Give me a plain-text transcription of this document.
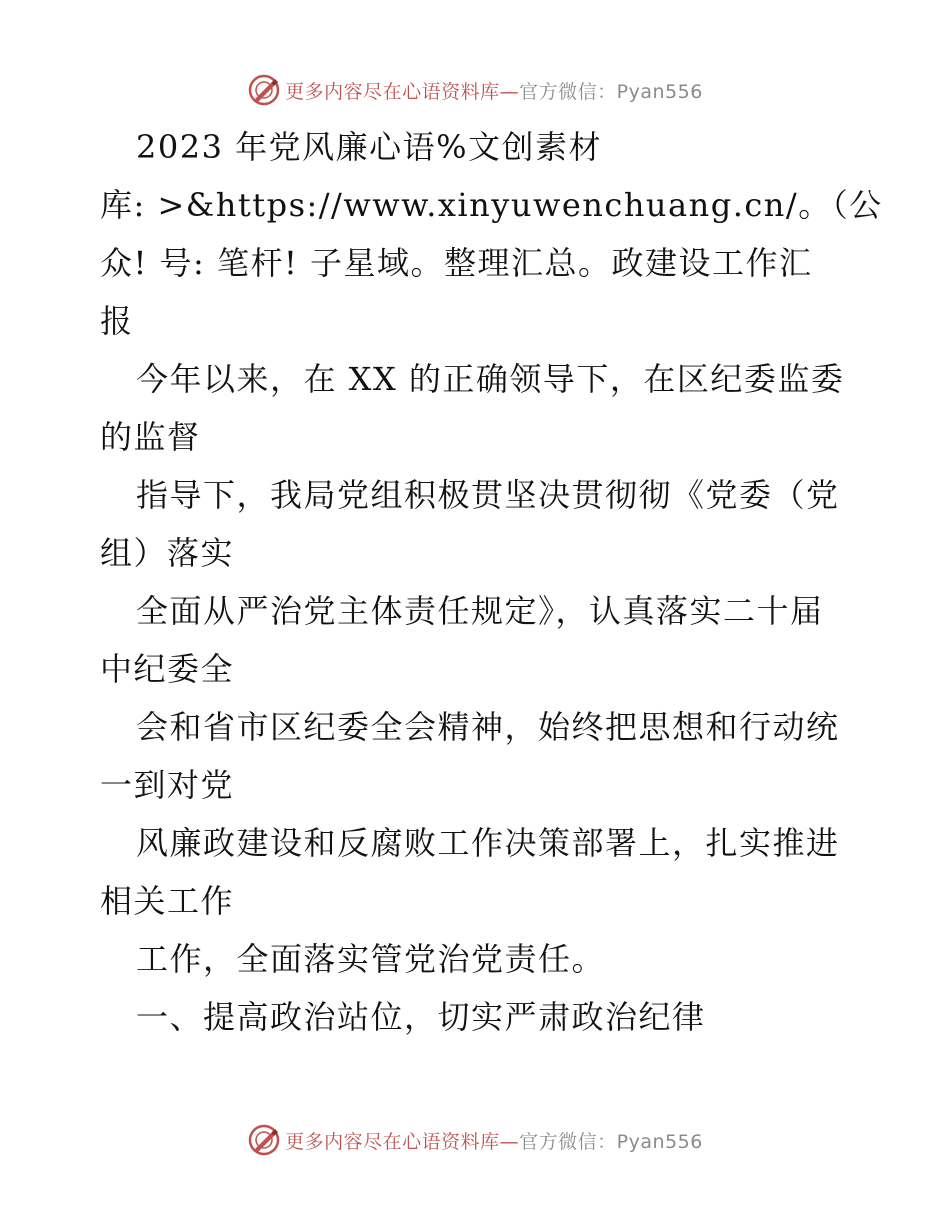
更多内容尽在心语资料库—官方微信：Pyan556
2023 年党风廉心语%文创素材
库: >&https://www.xinyuwenchuang.cn/。（公
众! 号: 笔杆! 子星域。整理汇总。政建设工作汇
报
今年以来，在 XX 的正确领导下，在区纪委监委
的监督
指导下，我局党组积极贯坚决贯彻彻《党委（党
组）落实
全面从严治党主体责任规定》，认真落实二十届
中纪委全
会和省市区纪委全会精神，始终把思想和行动统
一到对党
风廉政建设和反腐败工作决策部署上，扎实推进
相关工作
工作，全面落实管党治党责任。
一、提高政治站位，切实严肃政治纪律
更多内容尽在心语资料库—官方微信：Pyan556
